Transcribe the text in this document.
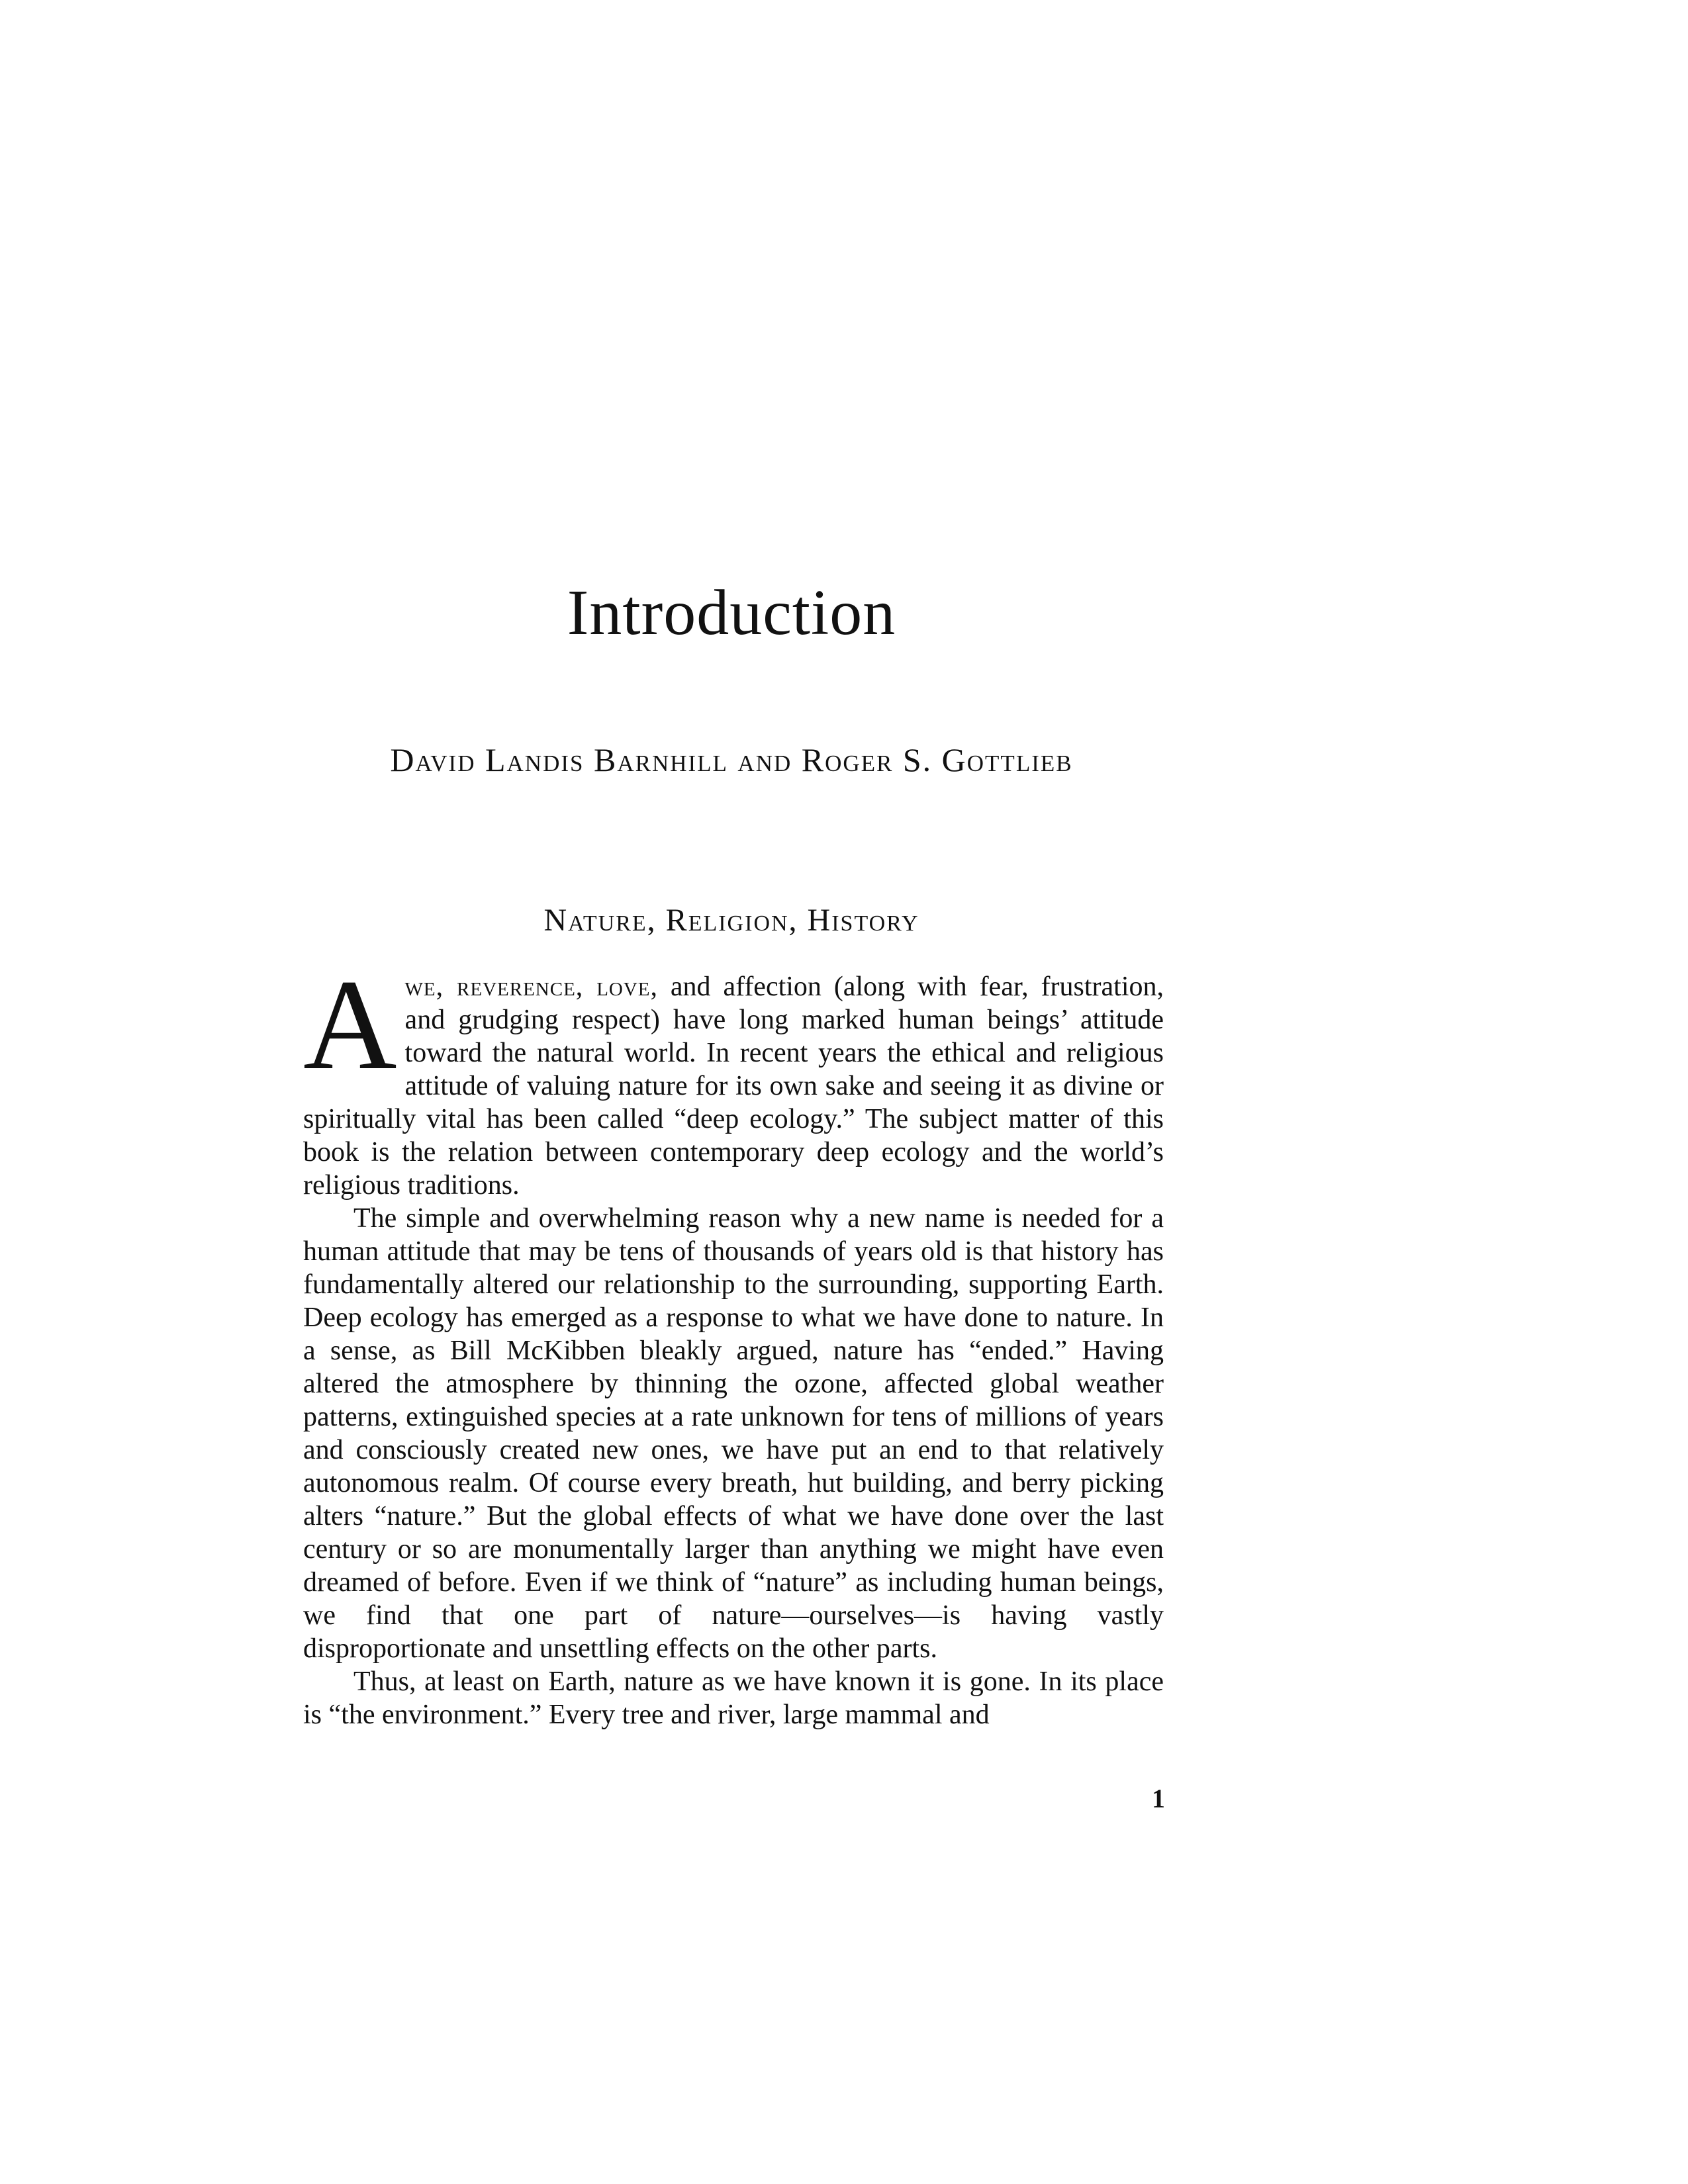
Introduction
David Landis Barnhill and Roger S. Gottlieb
Nature, Religion, History

Awe, reverence, love, and affection (along with fear, frustration, and grudging respect) have long marked human beings’ attitude toward the natural world. In recent years the ethical and religious attitude of valuing nature for its own sake and seeing it as divine or spiritually vital has been called “deep ecology.” The subject matter of this book is the relation between contemporary deep ecology and the world’s religious traditions.

The simple and overwhelming reason why a new name is needed for a human attitude that may be tens of thousands of years old is that history has fundamentally altered our relationship to the surrounding, supporting Earth. Deep ecology has emerged as a response to what we have done to nature. In a sense, as Bill McKibben bleakly argued, nature has “ended.” Having altered the atmosphere by thinning the ozone, affected global weather patterns, extinguished species at a rate unknown for tens of millions of years and consciously created new ones, we have put an end to that relatively autonomous realm. Of course every breath, hut building, and berry picking alters “nature.” But the global effects of what we have done over the last century or so are monumentally larger than anything we might have even dreamed of before. Even if we think of “nature” as including human beings, we find that one part of nature—ourselves—is having vastly disproportionate and unsettling effects on the other parts.

Thus, at least on Earth, nature as we have known it is gone. In its place is “the environment.” Every tree and river, large mammal and

1
